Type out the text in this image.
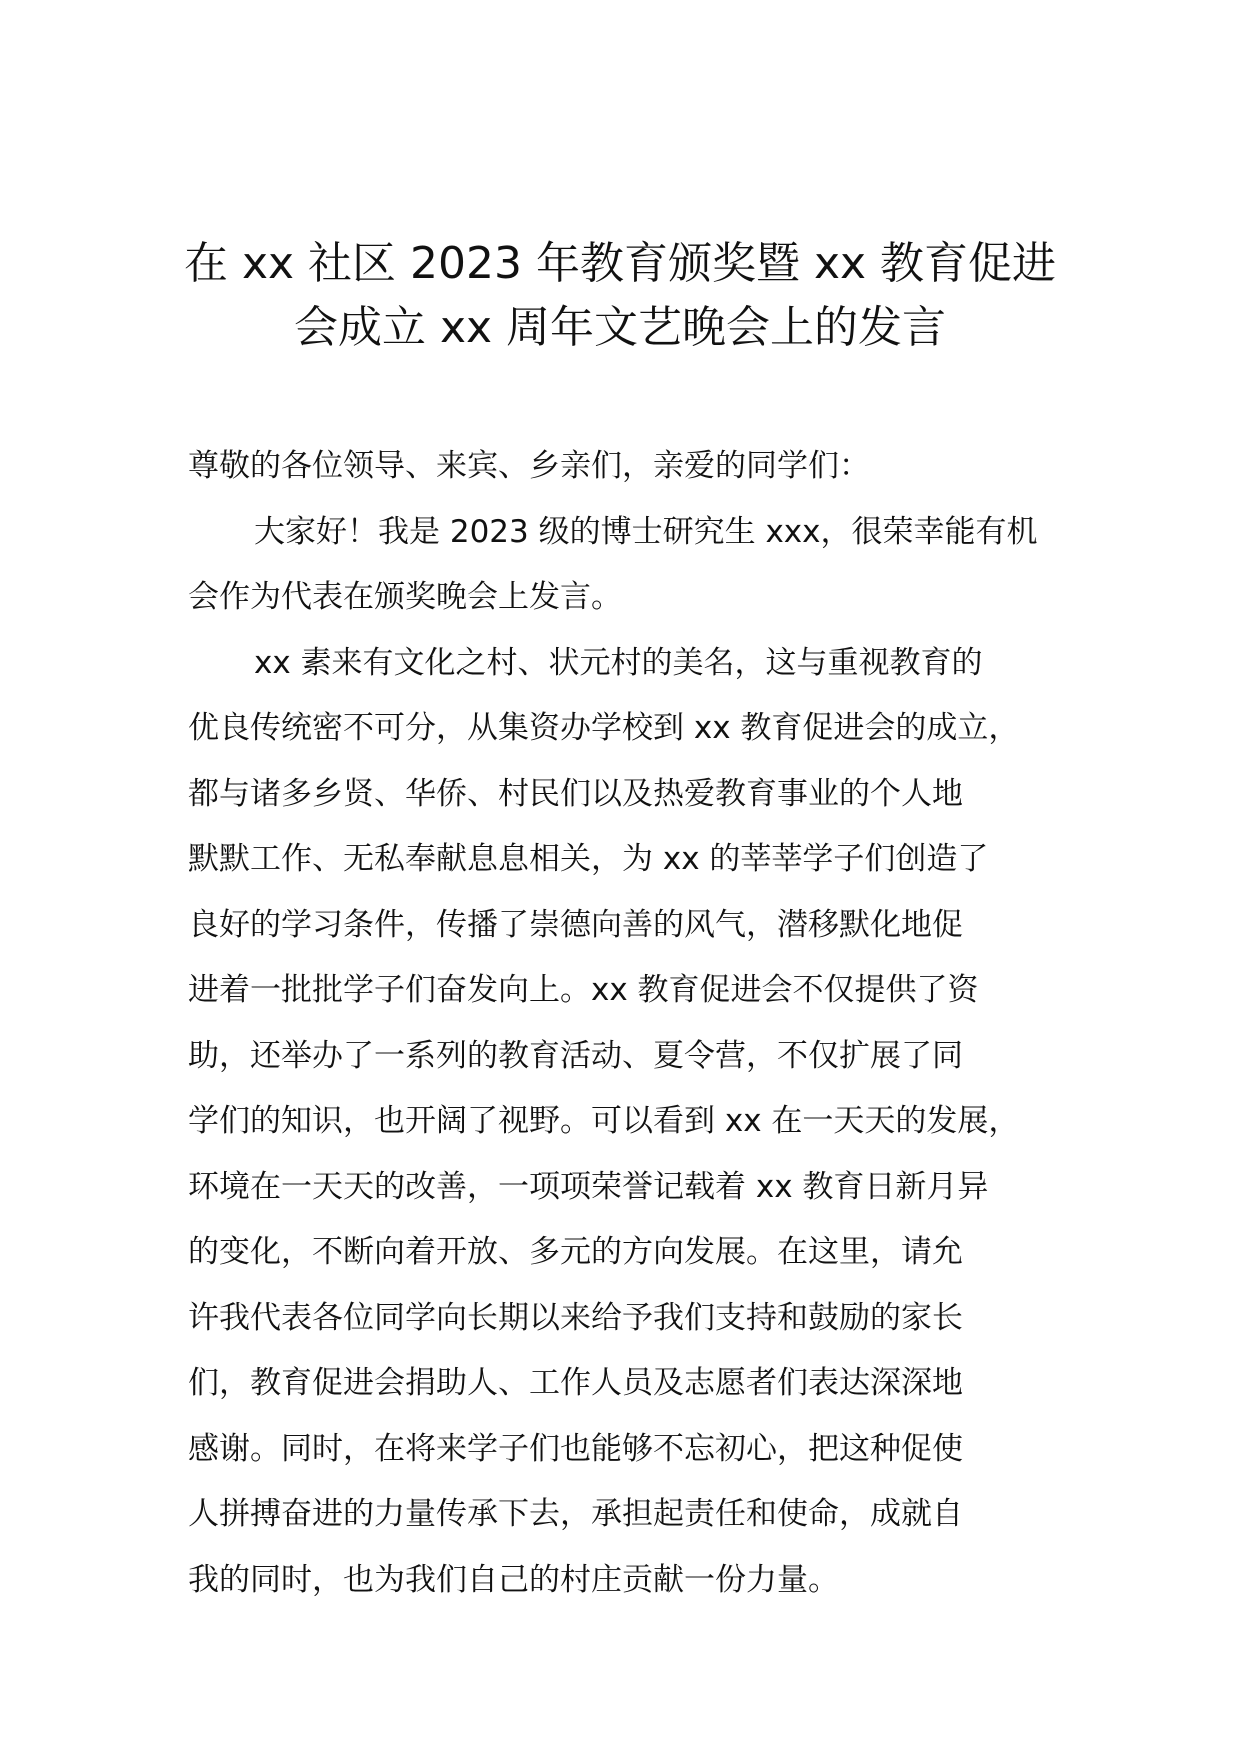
在 xx 社区 2023 年教育颁奖暨 xx 教育促进
会成立 xx 周年文艺晚会上的发言

尊敬的各位领导、来宾、乡亲们，亲爱的同学们：

大家好！我是 2023 级的博士研究生 xxx，很荣幸能有机
会作为代表在颁奖晚会上发言。

xx 素来有文化之村、状元村的美名，这与重视教育的
优良传统密不可分，从集资办学校到 xx 教育促进会的成立，
都与诸多乡贤、华侨、村民们以及热爱教育事业的个人地
默默工作、无私奉献息息相关，为 xx 的莘莘学子们创造了
良好的学习条件，传播了崇德向善的风气，潜移默化地促
进着一批批学子们奋发向上。xx 教育促进会不仅提供了资
助，还举办了一系列的教育活动、夏令营，不仅扩展了同
学们的知识，也开阔了视野。可以看到 xx 在一天天的发展，
环境在一天天的改善，一项项荣誉记载着 xx 教育日新月异
的变化，不断向着开放、多元的方向发展。在这里，请允
许我代表各位同学向长期以来给予我们支持和鼓励的家长
们，教育促进会捐助人、工作人员及志愿者们表达深深地
感谢。同时，在将来学子们也能够不忘初心，把这种促使
人拼搏奋进的力量传承下去，承担起责任和使命，成就自
我的同时，也为我们自己的村庄贡献一份力量。
